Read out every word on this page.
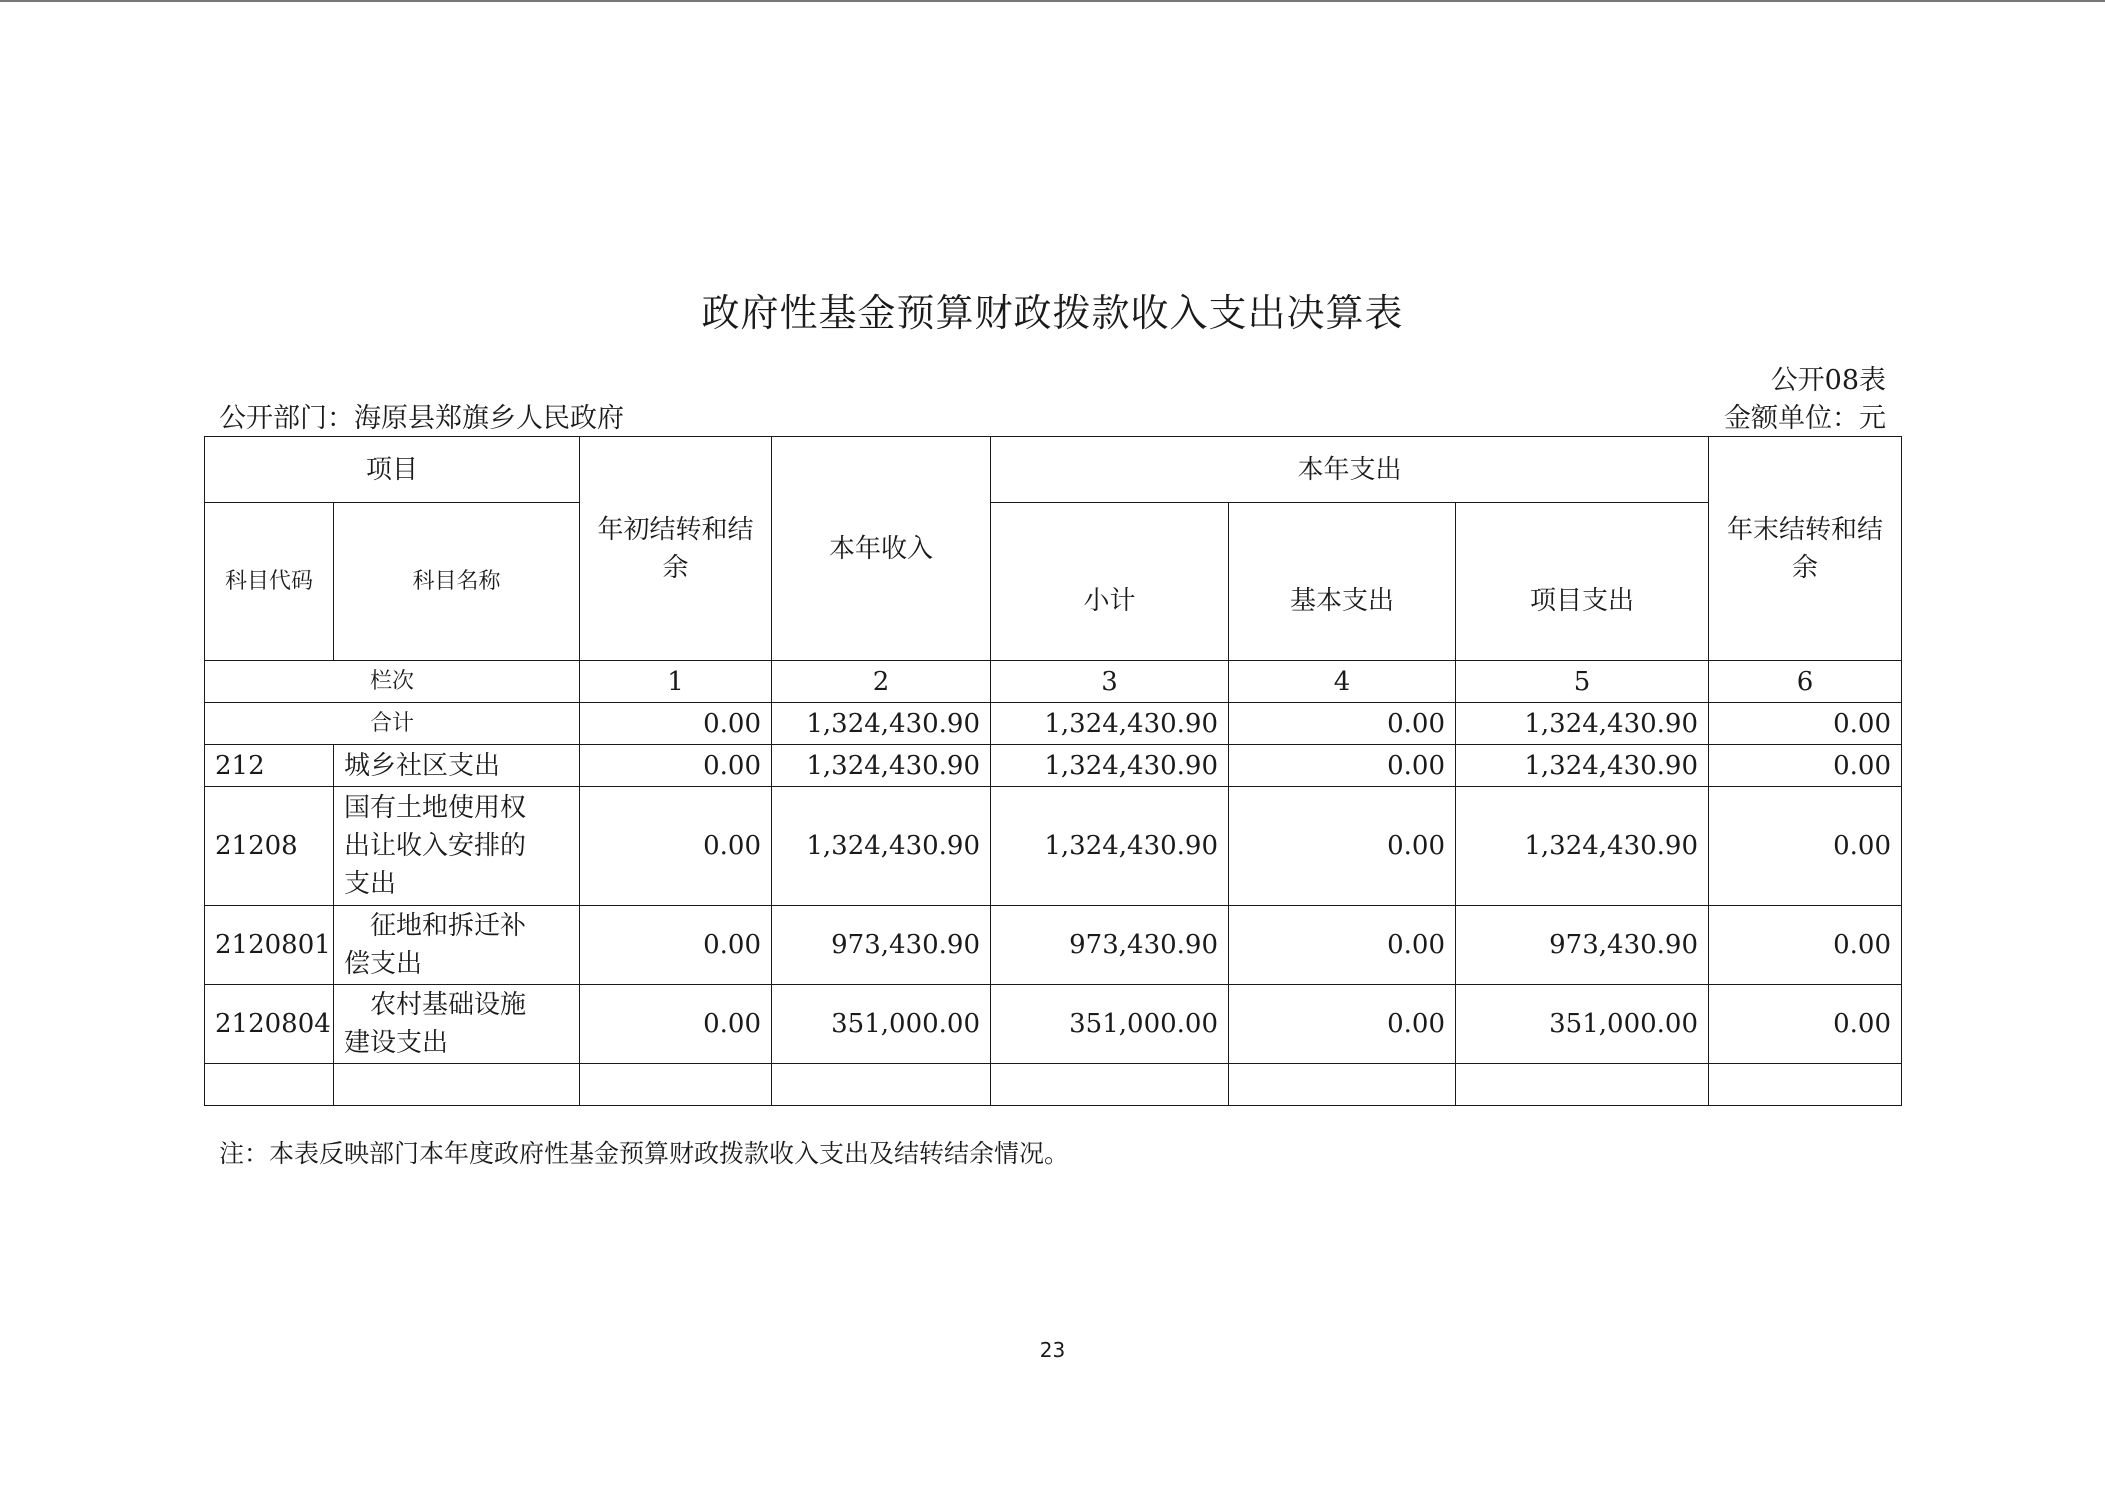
政府性基金预算财政拨款收入支出决算表
公开08表
公开部门：海原县郑旗乡人民政府	金额单位：元
项目		年初结转和结余	本年收入	本年支出			年末结转和结余
科目代码	科目名称			小计	基本支出	项目支出	
栏次		1	2	3	4	5	6
合计		0.00	1,324,430.90	1,324,430.90	0.00	1,324,430.90	0.00
212	城乡社区支出	0.00	1,324,430.90	1,324,430.90	0.00	1,324,430.90	0.00
21208	国有土地使用权出让收入安排的支出	0.00	1,324,430.90	1,324,430.90	0.00	1,324,430.90	0.00
2120801	征地和拆迁补偿支出	0.00	973,430.90	973,430.90	0.00	973,430.90	0.00
2120804	农村基础设施建设支出	0.00	351,000.00	351,000.00	0.00	351,000.00	0.00

注：本表反映部门本年度政府性基金预算财政拨款收入支出及结转结余情况。
23
